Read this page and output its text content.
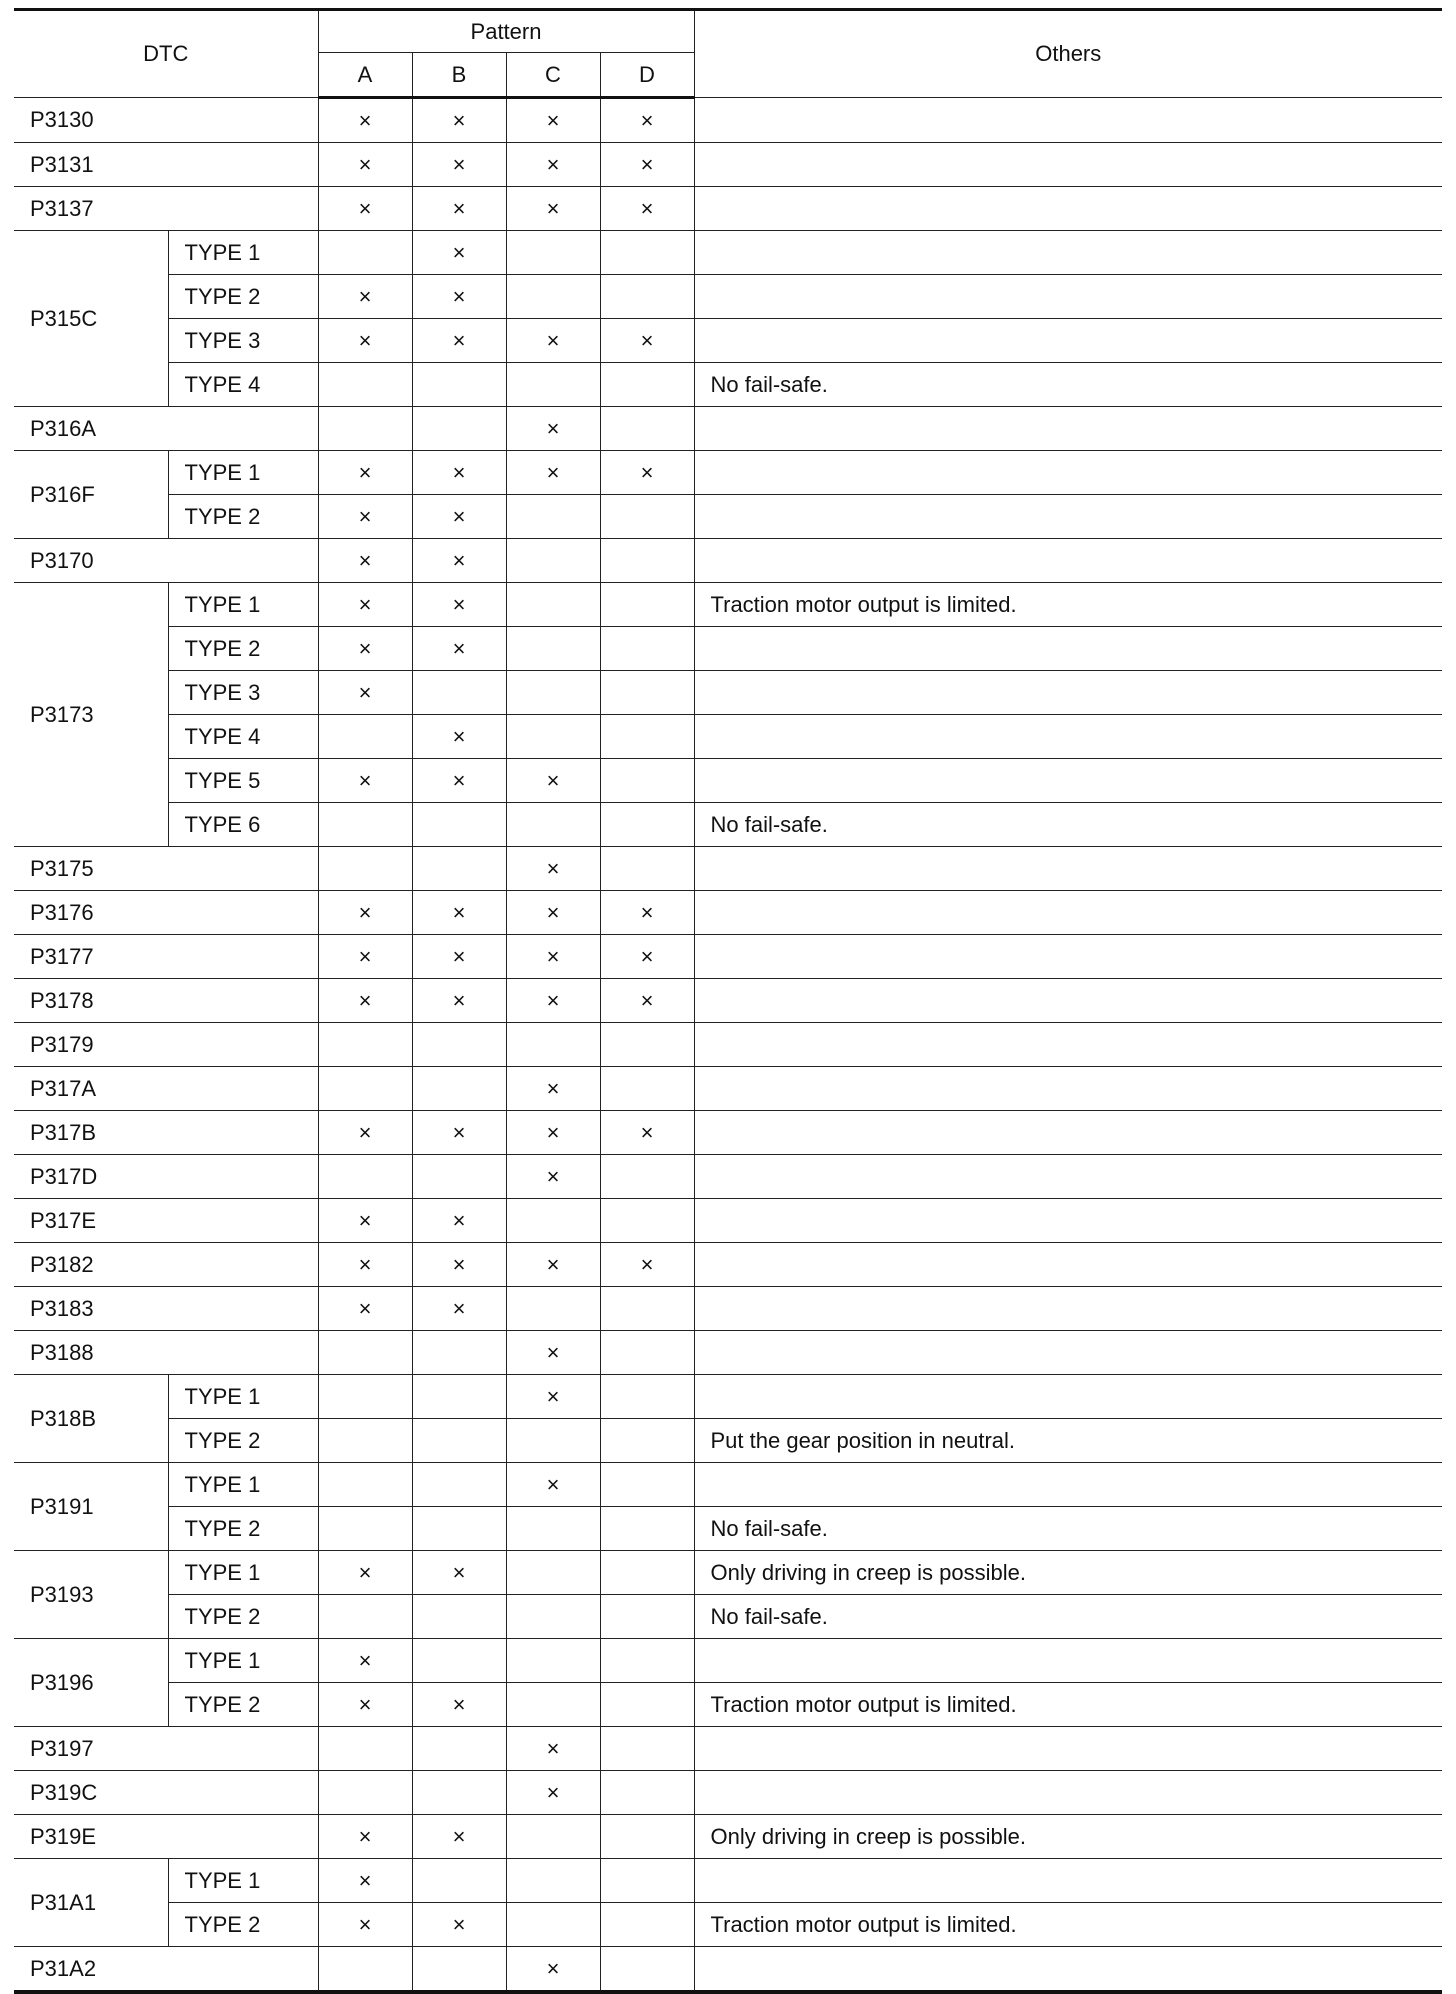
DTC		Pattern				Others
		A	B	C	D	
P3130		×	×	×	×	
P3131		×	×	×	×	
P3137		×	×	×	×	
P315C	TYPE 1		×			
	TYPE 2	×	×			
	TYPE 3	×	×	×	×	
	TYPE 4					No fail-safe.
P316A				×		
P316F	TYPE 1	×	×	×	×	
	TYPE 2	×	×			
P3170		×	×			
P3173	TYPE 1	×	×			Traction motor output is limited.
	TYPE 2	×	×			
	TYPE 3	×				
	TYPE 4		×			
	TYPE 5	×	×	×		
	TYPE 6					No fail-safe.
P3175				×		
P3176		×	×	×	×	
P3177		×	×	×	×	
P3178		×	×	×	×	
P3179						
P317A				×		
P317B		×	×	×	×	
P317D				×		
P317E		×	×			
P3182		×	×	×	×	
P3183		×	×			
P3188				×		
P318B	TYPE 1			×		
	TYPE 2					Put the gear position in neutral.
P3191	TYPE 1			×		
	TYPE 2					No fail-safe.
P3193	TYPE 1	×	×			Only driving in creep is possible.
	TYPE 2					No fail-safe.
P3196	TYPE 1	×				
	TYPE 2	×	×			Traction motor output is limited.
P3197				×		
P319C				×		
P319E		×	×			Only driving in creep is possible.
P31A1	TYPE 1	×				
	TYPE 2	×	×			Traction motor output is limited.
P31A2				×		
